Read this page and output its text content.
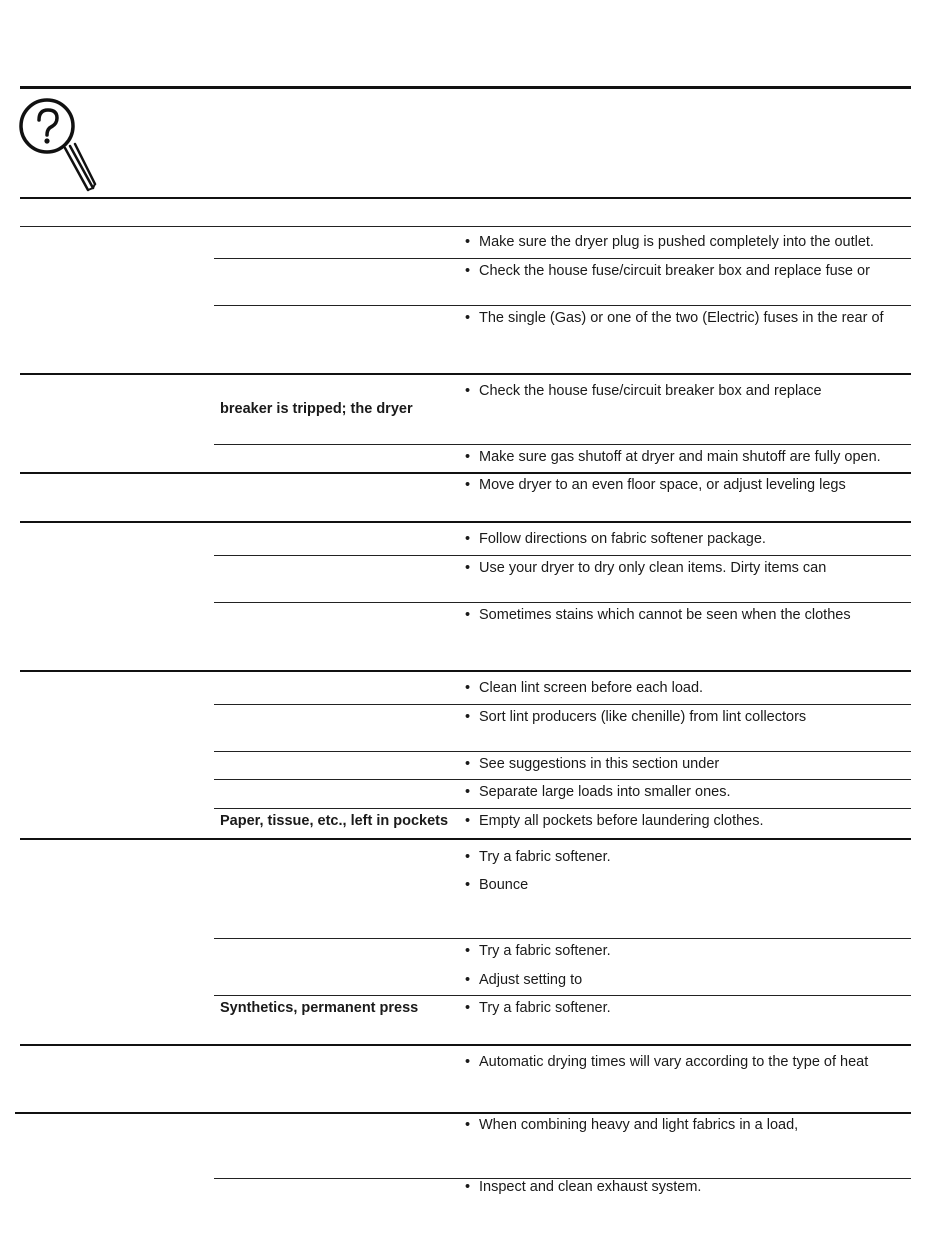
• Make sure the dryer plug is pushed completely into the outlet.
• Check the house fuse/circuit breaker box and replace fuse or
• The single (Gas) or one of the two (Electric) fuses in the rear of
• Check the house fuse/circuit breaker box and replace
breaker is tripped; the dryer
• Make sure gas shutoff at dryer and main shutoff are fully open.
• Move dryer to an even floor space, or adjust leveling legs
• Follow directions on fabric softener package.
• Use your dryer to dry only clean items. Dirty items can
• Sometimes stains which cannot be seen when the clothes
• Clean lint screen before each load.
• Sort lint producers (like chenille) from lint collectors
• See suggestions in this section under
• Separate large loads into smaller ones.
Paper, tissue, etc., left in pockets • Empty all pockets before laundering clothes.
• Try a fabric softener.
• Bounce
• Try a fabric softener.
• Adjust setting to
Synthetics, permanent press	• Try a fabric softener.
• Automatic drying times will vary according to the type of heat
• When combining heavy and light fabrics in a load,
• Inspect and clean exhaust system.
